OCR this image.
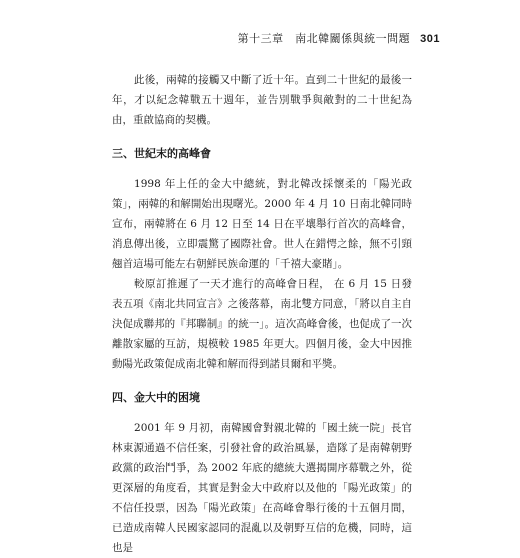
第十三章　南北韓關係與統一問題 301

此後，兩韓的接觸又中斷了近十年。直到二十世紀的最後一年，才以紀念韓戰五十週年，並告別戰爭與敵對的二十世紀為由，重啟協商的契機。

三、世紀末的高峰會

1998 年上任的金大中總統，對北韓改採懷柔的「陽光政策」，兩韓的和解開始出現曙光。2000 年 4 月 10 日南北韓同時宣布，兩韓將在 6 月 12 日至 14 日在平壤舉行首次的高峰會，消息傳出後，立即震驚了國際社會。世人在錯愕之餘，無不引頸翹首這場可能左右朝鮮民族命運的「千禧大豪賭」。

較原訂推遲了一天才進行的高峰會日程， 在 6 月 15 日發表五項《南北共同宣言》之後落幕，南北雙方同意，「將以自主自決促成聯邦的『邦聯制』的統一」。這次高峰會後，也促成了一次離散家屬的互訪，規模較 1985 年更大。四個月後，金大中因推動陽光政策促成南北韓和解而得到諾貝爾和平獎。

四、金大中的困境

2001 年 9 月初，南韓國會對親北韓的「國土統一院」長官林東源通過不信任案，引發社會的政治風暴，造隊了是南韓朝野政黨的政治鬥爭，為 2002 年底的總統大選揭開序幕戰之外，從更深層的角度看，其實是對金大中政府以及他的「陽光政策」的不信任投票，因為「陽光政策」在高峰會舉行後的十五個月間，已造成南韓人民國家認同的混亂以及朝野互信的危機，同時，這也是
